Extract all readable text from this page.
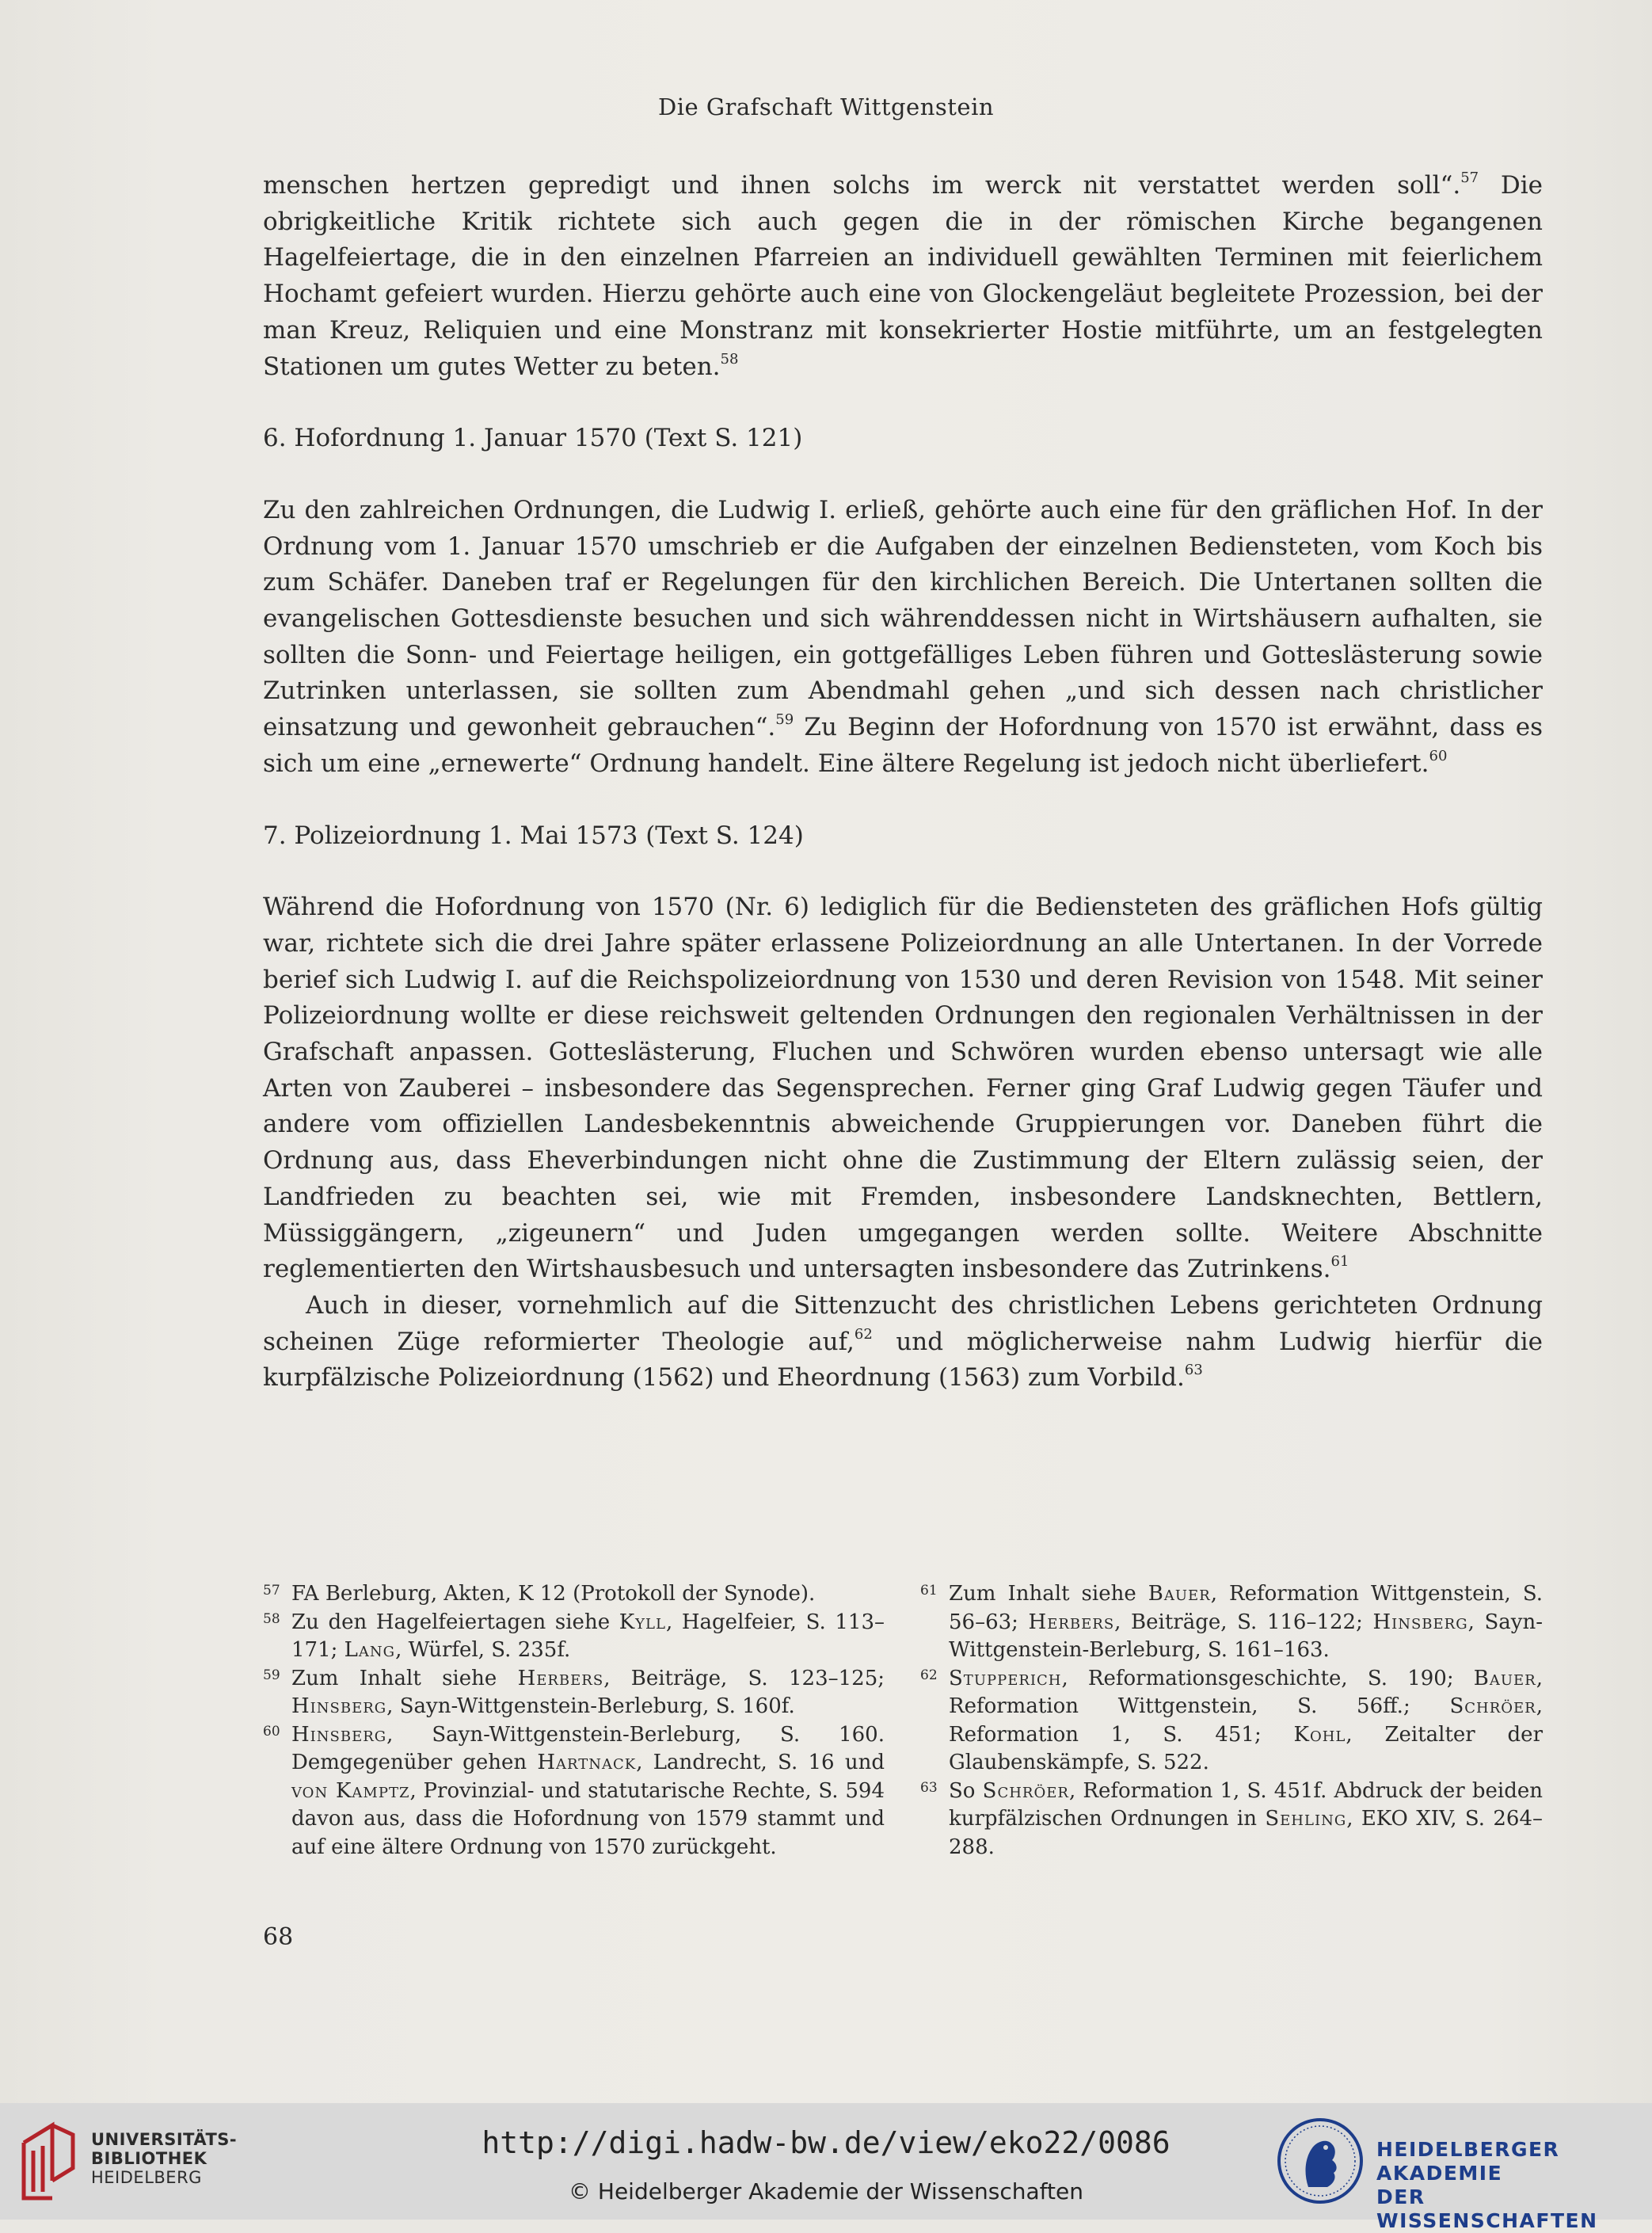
Die Grafschaft Wittgenstein

menschen hertzen gepredigt und ihnen solchs im werck nit verstattet werden soll“.$^{57}$ Die obrigkeitliche Kritik richtete sich auch gegen die in der römischen Kirche begangenen Hagelfeiertage, die in den einzelnen Pfarreien an individuell gewählten Terminen mit feierlichem Hochamt gefeiert wurden. Hierzu gehörte auch eine von Glockengeläut begleitete Prozession, bei der man Kreuz, Reliquien und eine Monstranz mit konsekrierter Hostie mitführte, um an festgelegten Stationen um gutes Wetter zu beten.$^{58}$

6. Hofordnung 1. Januar 1570 (Text S. 121)

Zu den zahlreichen Ordnungen, die Ludwig I. erließ, gehörte auch eine für den gräflichen Hof. In der Ordnung vom 1. Januar 1570 umschrieb er die Aufgaben der einzelnen Bediensteten, vom Koch bis zum Schäfer. Daneben traf er Regelungen für den kirchlichen Bereich. Die Untertanen sollten die evangelischen Gottesdienste besuchen und sich währenddessen nicht in Wirtshäusern aufhalten, sie sollten die Sonn- und Feiertage heiligen, ein gottgefälliges Leben führen und Gotteslästerung sowie Zutrinken unterlassen, sie sollten zum Abendmahl gehen „und sich dessen nach christlicher einsatzung und gewonheit gebrauchen“.$^{59}$ Zu Beginn der Hofordnung von 1570 ist erwähnt, dass es sich um eine „ernewerte“ Ordnung handelt. Eine ältere Regelung ist jedoch nicht überliefert.$^{60}$

7. Polizeiordnung 1. Mai 1573 (Text S. 124)

Während die Hofordnung von 1570 (Nr. 6) lediglich für die Bediensteten des gräflichen Hofs gültig war, richtete sich die drei Jahre später erlassene Polizeiordnung an alle Untertanen. In der Vorrede berief sich Ludwig I. auf die Reichspolizeiordnung von 1530 und deren Revision von 1548. Mit seiner Polizeiordnung wollte er diese reichsweit geltenden Ordnungen den regionalen Verhältnissen in der Grafschaft anpassen. Gotteslästerung, Fluchen und Schwören wurden ebenso untersagt wie alle Arten von Zauberei – insbesondere das Segensprechen. Ferner ging Graf Ludwig gegen Täufer und andere vom offiziellen Landesbekenntnis abweichende Gruppierungen vor. Daneben führt die Ordnung aus, dass Eheverbindungen nicht ohne die Zustimmung der Eltern zulässig seien, der Landfrieden zu beachten sei, wie mit Fremden, insbesondere Landsknechten, Bettlern, Müssiggängern, „zigeunern“ und Juden umgegangen werden sollte. Weitere Abschnitte reglementierten den Wirtshausbesuch und untersagten insbesondere das Zutrinkens.$^{61}$

Auch in dieser, vornehmlich auf die Sittenzucht des christlichen Lebens gerichteten Ordnung scheinen Züge reformierter Theologie auf,$^{62}$ und möglicherweise nahm Ludwig hierfür die kurpfälzische Polizeiordnung (1562) und Eheordnung (1563) zum Vorbild.$^{63}$

57 FA Berleburg, Akten, K 12 (Protokoll der Synode).

58 Zu den Hagelfeiertagen siehe Kyll, Hagelfeier, S. 113–171; Lang, Würfel, S. 235f.

59 Zum Inhalt siehe Herbers, Beiträge, S. 123–125; Hinsberg, Sayn-Wittgenstein-Berleburg, S. 160f.

60 Hinsberg, Sayn-Wittgenstein-Berleburg, S. 160. Demgegenüber gehen Hartnack, Landrecht, S. 16 und von Kamptz, Provinzial- und statutarische Rechte, S. 594 davon aus, dass die Hofordnung von 1579 stammt und auf eine ältere Ordnung von 1570 zurückgeht.

61 Zum Inhalt siehe Bauer, Reformation Wittgenstein, S. 56–63; Herbers, Beiträge, S. 116–122; Hinsberg, Sayn-Wittgenstein-Berleburg, S. 161–163.

62 Stupperich, Reformationsgeschichte, S. 190; Bauer, Reformation Wittgenstein, S. 56ff.; Schröer, Reformation 1, S. 451; Kohl, Zeitalter der Glaubenskämpfe, S. 522.

63 So Schröer, Reformation 1, S. 451f. Abdruck der beiden kurpfälzischen Ordnungen in Sehling, EKO XIV, S. 264–288.

68
UNIVERSITÄTS-
BIBLIOTHEK
HEIDELBERG
http://digi.hadw-bw.de/view/eko22/0086
© Heidelberger Akademie der Wissenschaften
HEIDELBERGER AKADEMIE
DER WISSENSCHAFTEN
